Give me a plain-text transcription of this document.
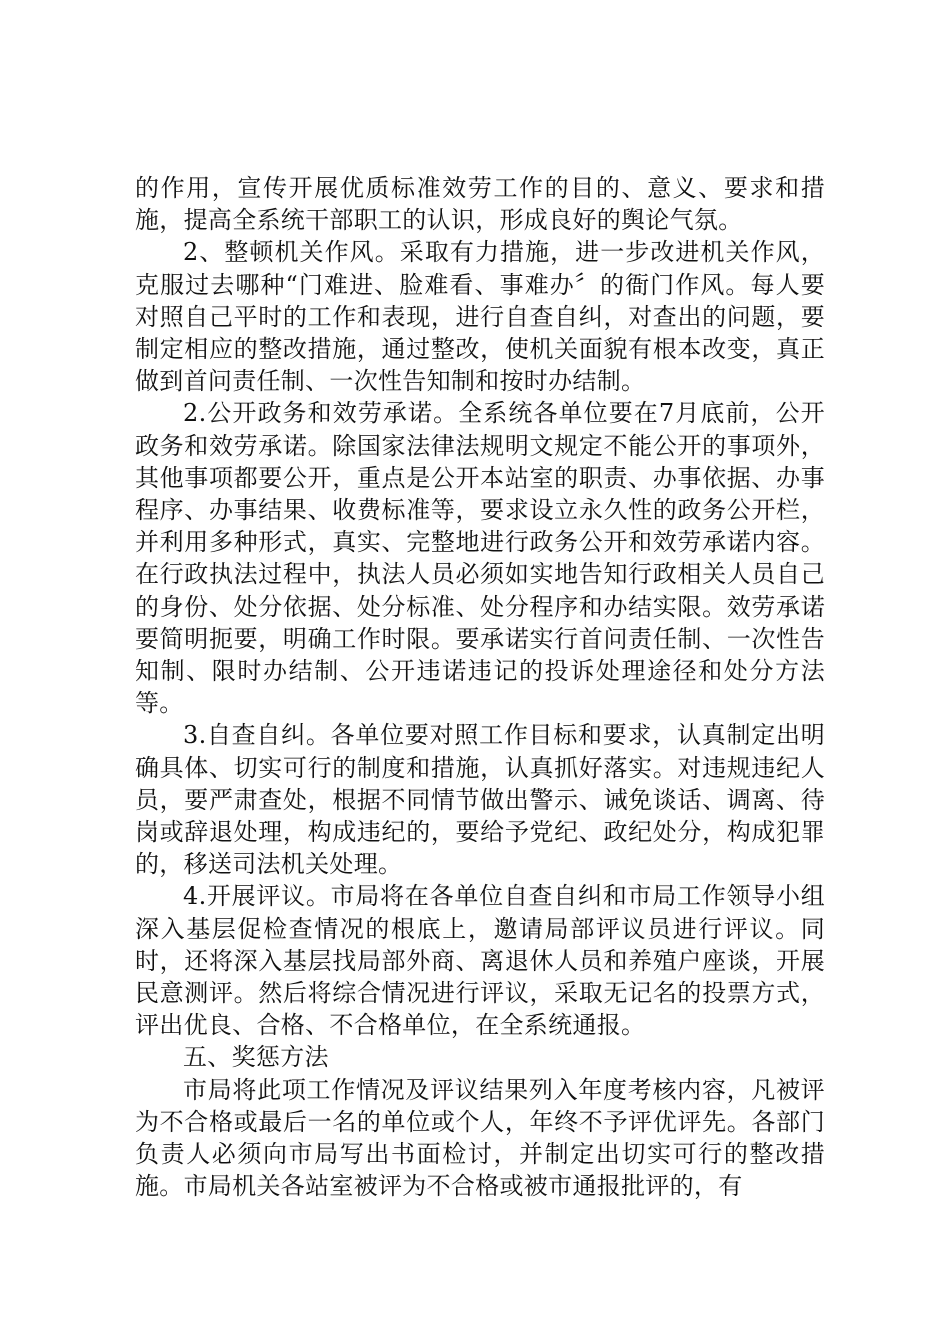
的作用，宣传开展优质标准效劳工作的目的、意义、要求和措施，提高全系统干部职工的认识，形成良好的舆论气氛。

2、整顿机关作风。采取有力措施，进一步改进机关作风，克服过去哪种“门难进、脸难看、事难办〞的衙门作风。每人要对照自己平时的工作和表现，进行自查自纠，对查出的问题，要制定相应的整改措施，通过整改，使机关面貌有根本改变，真正做到首问责任制、一次性告知制和按时办结制。

2.公开政务和效劳承诺。全系统各单位要在7月底前，公开政务和效劳承诺。除国家法律法规明文规定不能公开的事项外，其他事项都要公开，重点是公开本站室的职责、办事依据、办事程序、办事结果、收费标准等，要求设立永久性的政务公开栏，并利用多种形式，真实、完整地进行政务公开和效劳承诺内容。在行政执法过程中，执法人员必须如实地告知行政相关人员自己的身份、处分依据、处分标准、处分程序和办结实限。效劳承诺要简明扼要，明确工作时限。要承诺实行首问责任制、一次性告知制、限时办结制、公开违诺违记的投诉处理途径和处分方法等。

3.自查自纠。各单位要对照工作目标和要求，认真制定出明确具体、切实可行的制度和措施，认真抓好落实。对违规违纪人员，要严肃查处，根据不同情节做出警示、诫免谈话、调离、待岗或辞退处理，构成违纪的，要给予党纪、政纪处分，构成犯罪的，移送司法机关处理。

4.开展评议。市局将在各单位自查自纠和市局工作领导小组深入基层促检查情况的根底上，邀请局部评议员进行评议。同时，还将深入基层找局部外商、离退休人员和养殖户座谈，开展民意测评。然后将综合情况进行评议，采取无记名的投票方式，评出优良、合格、不合格单位，在全系统通报。

五、奖惩方法

市局将此项工作情况及评议结果列入年度考核内容，凡被评为不合格或最后一名的单位或个人，年终不予评优评先。各部门负责人必须向市局写出书面检讨，并制定出切实可行的整改措施。市局机关各站室被评为不合格或被市通报批评的，有
